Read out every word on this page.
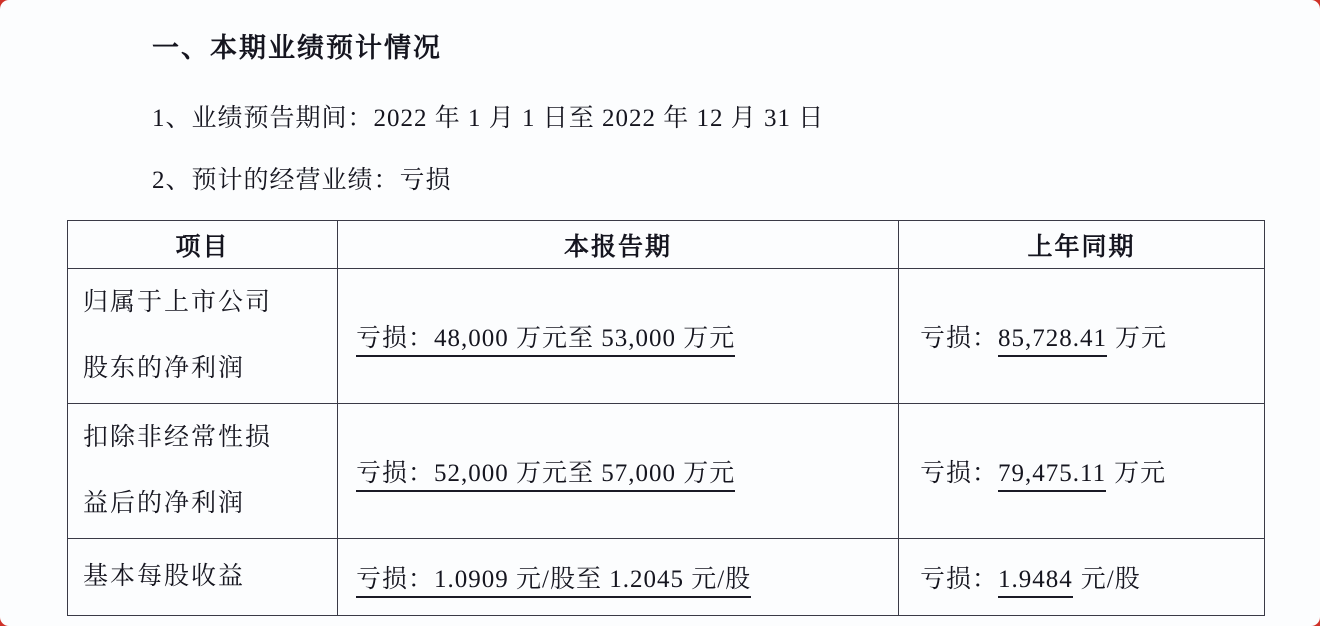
一、本期业绩预计情况
1、业绩预告期间：2022 年 1 月 1 日至 2022 年 12 月 31 日
2、预计的经营业绩：亏损
项目	本报告期	上年同期

归属于上市公司
股东的净利润	亏损：48,000 万元至 53,000 万元	亏损：85,728.41 万元

扣除非经常性损
益后的净利润	亏损：52,000 万元至 57,000 万元	亏损：79,475.11 万元

基本每股收益	亏损：1.0909 元/股至 1.2045 元/股	亏损：1.9484 元/股
